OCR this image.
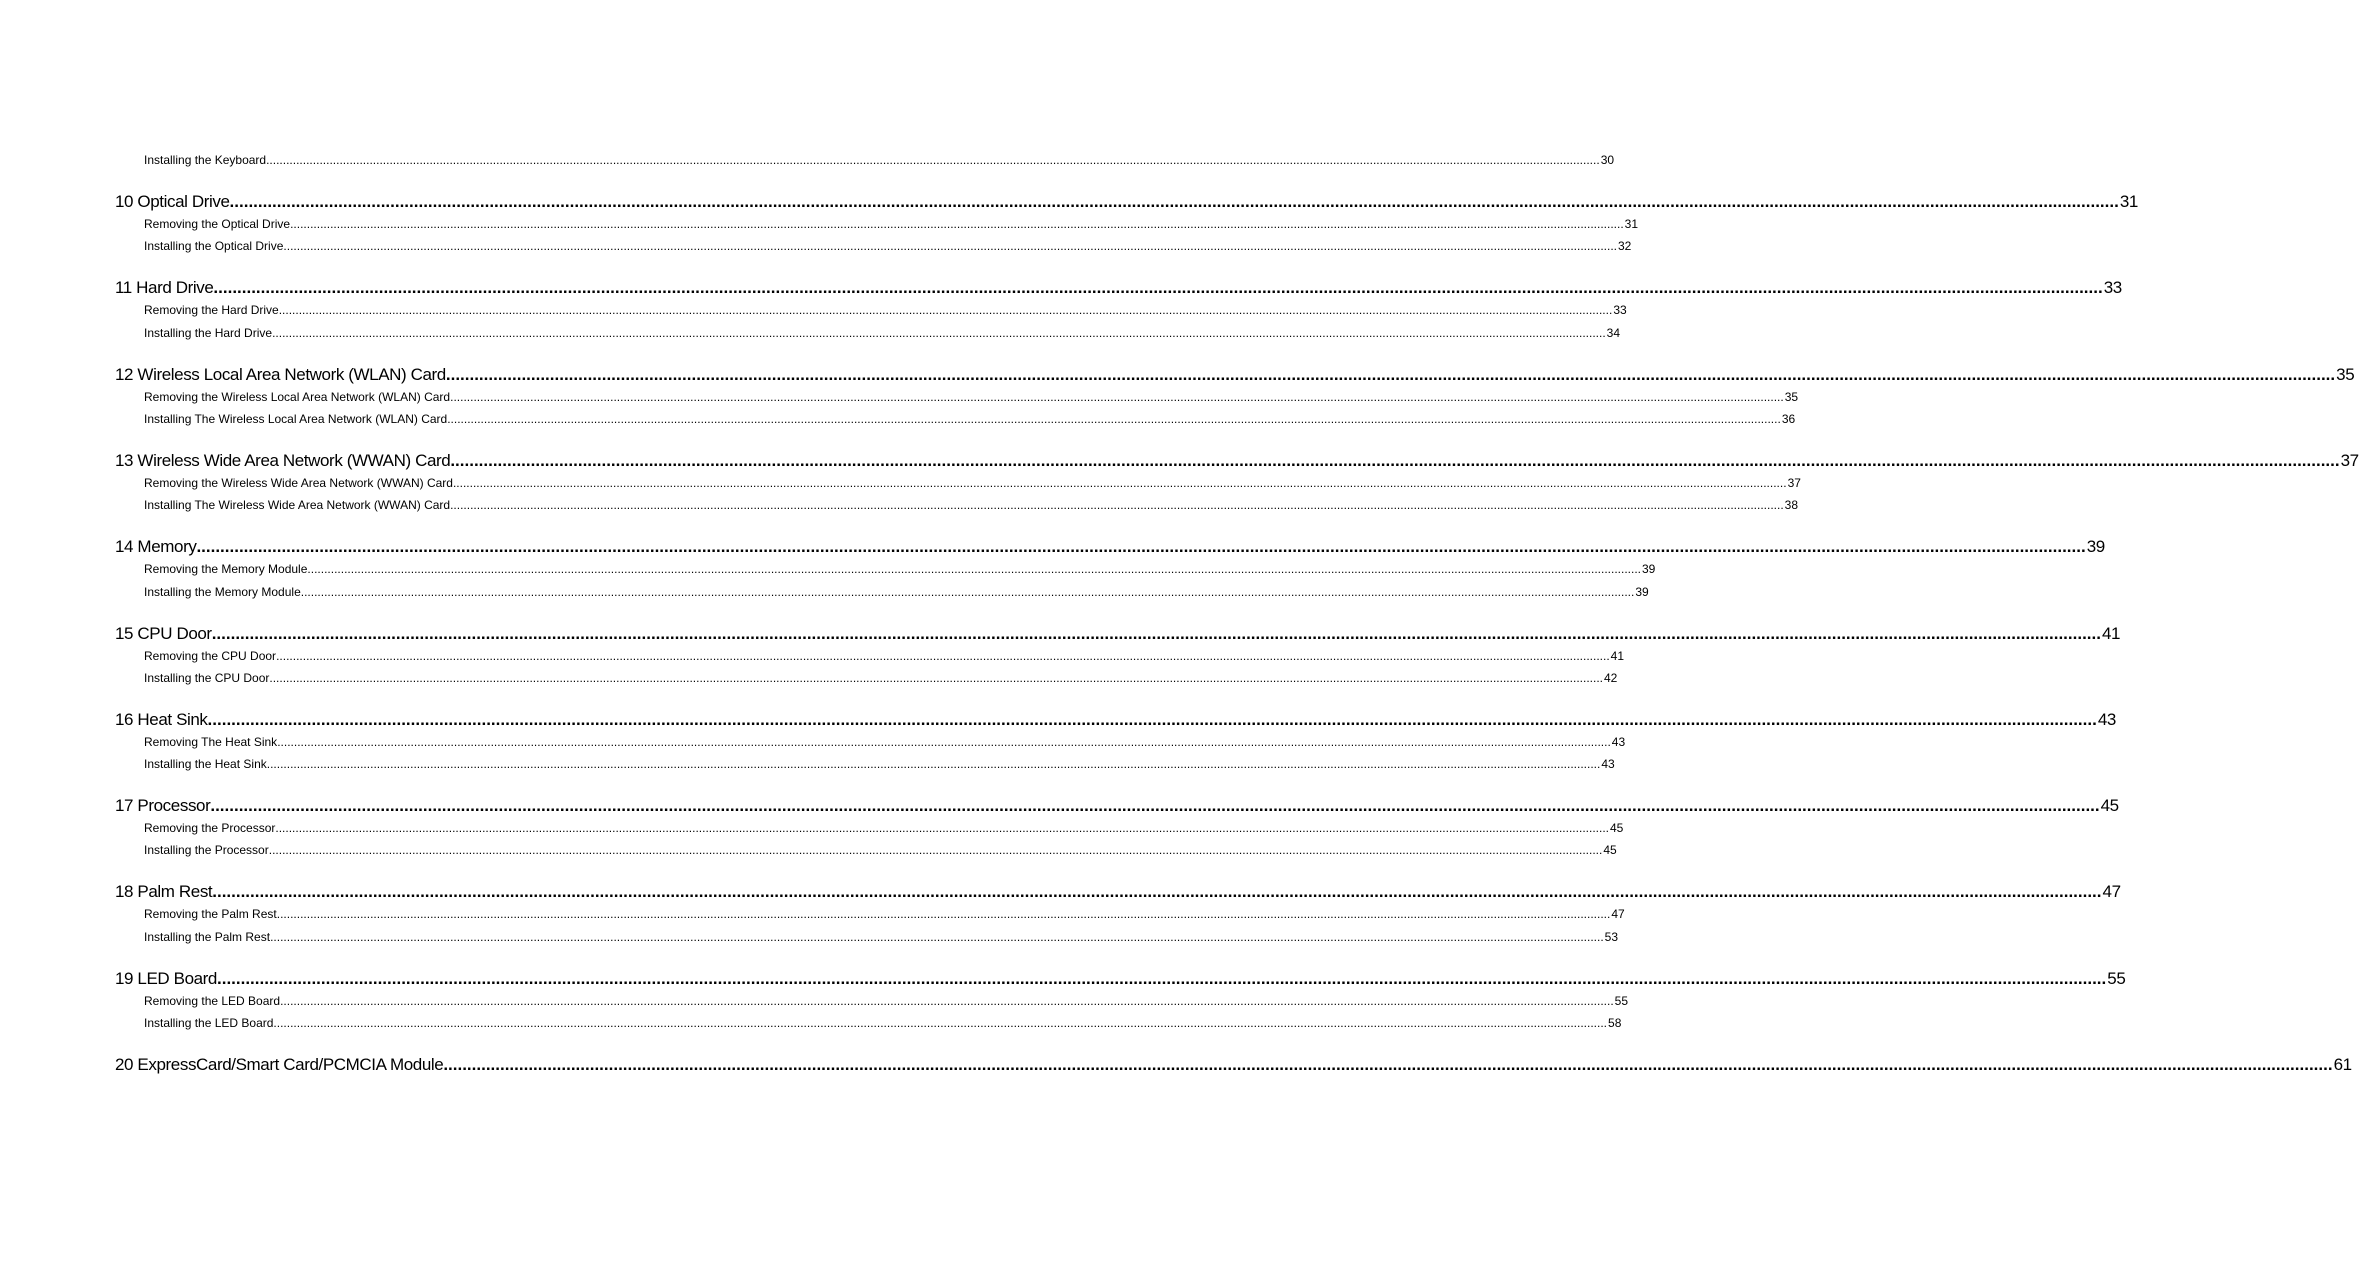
Installing the Keyboard ................................................................................................................................................................................................................................................................................................................................................................................................................ 30
10 Optical Drive ................................................................................................................................................................................................................................................................................................................................................................................................................ 31
Removing the Optical Drive ................................................................................................................................................................................................................................................................................................................................................................................................................ 31
Installing the Optical Drive ................................................................................................................................................................................................................................................................................................................................................................................................................ 32
11 Hard Drive ................................................................................................................................................................................................................................................................................................................................................................................................................ 33
Removing the Hard Drive ................................................................................................................................................................................................................................................................................................................................................................................................................ 33
Installing the Hard Drive ................................................................................................................................................................................................................................................................................................................................................................................................................ 34
12 Wireless Local Area Network (WLAN) Card ................................................................................................................................................................................................................................................................................................................................................................................................................ 35
Removing the Wireless Local Area Network (WLAN) Card ................................................................................................................................................................................................................................................................................................................................................................................................................ 35
Installing The Wireless Local Area Network (WLAN) Card ................................................................................................................................................................................................................................................................................................................................................................................................................ 36
13 Wireless Wide Area Network (WWAN) Card ................................................................................................................................................................................................................................................................................................................................................................................................................ 37
Removing the Wireless Wide Area Network (WWAN) Card ................................................................................................................................................................................................................................................................................................................................................................................................................ 37
Installing The Wireless Wide Area Network (WWAN) Card ................................................................................................................................................................................................................................................................................................................................................................................................................ 38
14 Memory ................................................................................................................................................................................................................................................................................................................................................................................................................ 39
Removing the Memory Module ................................................................................................................................................................................................................................................................................................................................................................................................................ 39
Installing the Memory Module ................................................................................................................................................................................................................................................................................................................................................................................................................ 39
15 CPU Door ................................................................................................................................................................................................................................................................................................................................................................................................................ 41
Removing the CPU Door ................................................................................................................................................................................................................................................................................................................................................................................................................ 41
Installing the CPU Door ................................................................................................................................................................................................................................................................................................................................................................................................................ 42
16 Heat Sink ................................................................................................................................................................................................................................................................................................................................................................................................................ 43
Removing The Heat Sink ................................................................................................................................................................................................................................................................................................................................................................................................................ 43
Installing the Heat Sink ................................................................................................................................................................................................................................................................................................................................................................................................................ 43
17 Processor ................................................................................................................................................................................................................................................................................................................................................................................................................ 45
Removing the Processor ................................................................................................................................................................................................................................................................................................................................................................................................................ 45
Installing the Processor ................................................................................................................................................................................................................................................................................................................................................................................................................ 45
18 Palm Rest ................................................................................................................................................................................................................................................................................................................................................................................................................ 47
Removing the Palm Rest ................................................................................................................................................................................................................................................................................................................................................................................................................ 47
Installing the Palm Rest ................................................................................................................................................................................................................................................................................................................................................................................................................ 53
19 LED Board ................................................................................................................................................................................................................................................................................................................................................................................................................ 55
Removing the LED Board ................................................................................................................................................................................................................................................................................................................................................................................................................ 55
Installing the LED Board ................................................................................................................................................................................................................................................................................................................................................................................................................ 58
20 ExpressCard/Smart Card/PCMCIA Module ................................................................................................................................................................................................................................................................................................................................................................................................................ 61
